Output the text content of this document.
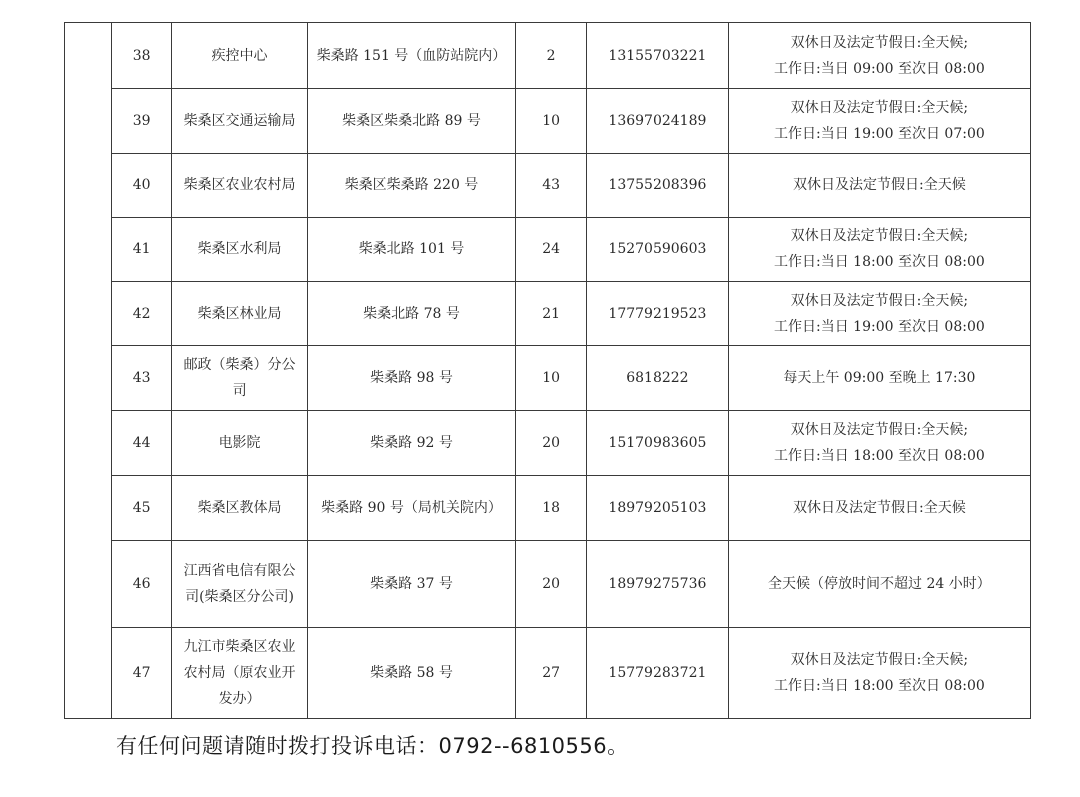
	38	疾控中心	柴桑路 151 号（血防站院内）	2	13155703221	双休日及法定节假日:全天候;
工作日:当日 09:00 至次日 08:00

	39	柴桑区交通运输局	柴桑区柴桑北路 89 号	10	13697024189	双休日及法定节假日:全天候;
工作日:当日 19:00 至次日 07:00

	40	柴桑区农业农村局	柴桑区柴桑路 220 号	43	13755208396	双休日及法定节假日:全天候

	41	柴桑区水利局	柴桑北路 101 号	24	15270590603	双休日及法定节假日:全天候;
工作日:当日 18:00 至次日 08:00

	42	柴桑区林业局	柴桑北路 78 号	21	17779219523	双休日及法定节假日:全天候;
工作日:当日 19:00 至次日 08:00

	43	邮政（柴桑）分公司	柴桑路 98 号	10	6818222	每天上午 09:00 至晚上 17:30

	44	电影院	柴桑路 92 号	20	15170983605	双休日及法定节假日:全天候;
工作日:当日 18:00 至次日 08:00

	45	柴桑区教体局	柴桑路 90 号（局机关院内）	18	18979205103	双休日及法定节假日:全天候

	46	江西省电信有限公司(柴桑区分公司)	柴桑路 37 号	20	18979275736	全天候（停放时间不超过 24 小时）

	47	九江市柴桑区农业农村局（原农业开发办）	柴桑路 58 号	27	15779283721	双休日及法定节假日:全天候;
工作日:当日 18:00 至次日 08:00
有任何问题请随时拨打投诉电话：0792--6810556。
